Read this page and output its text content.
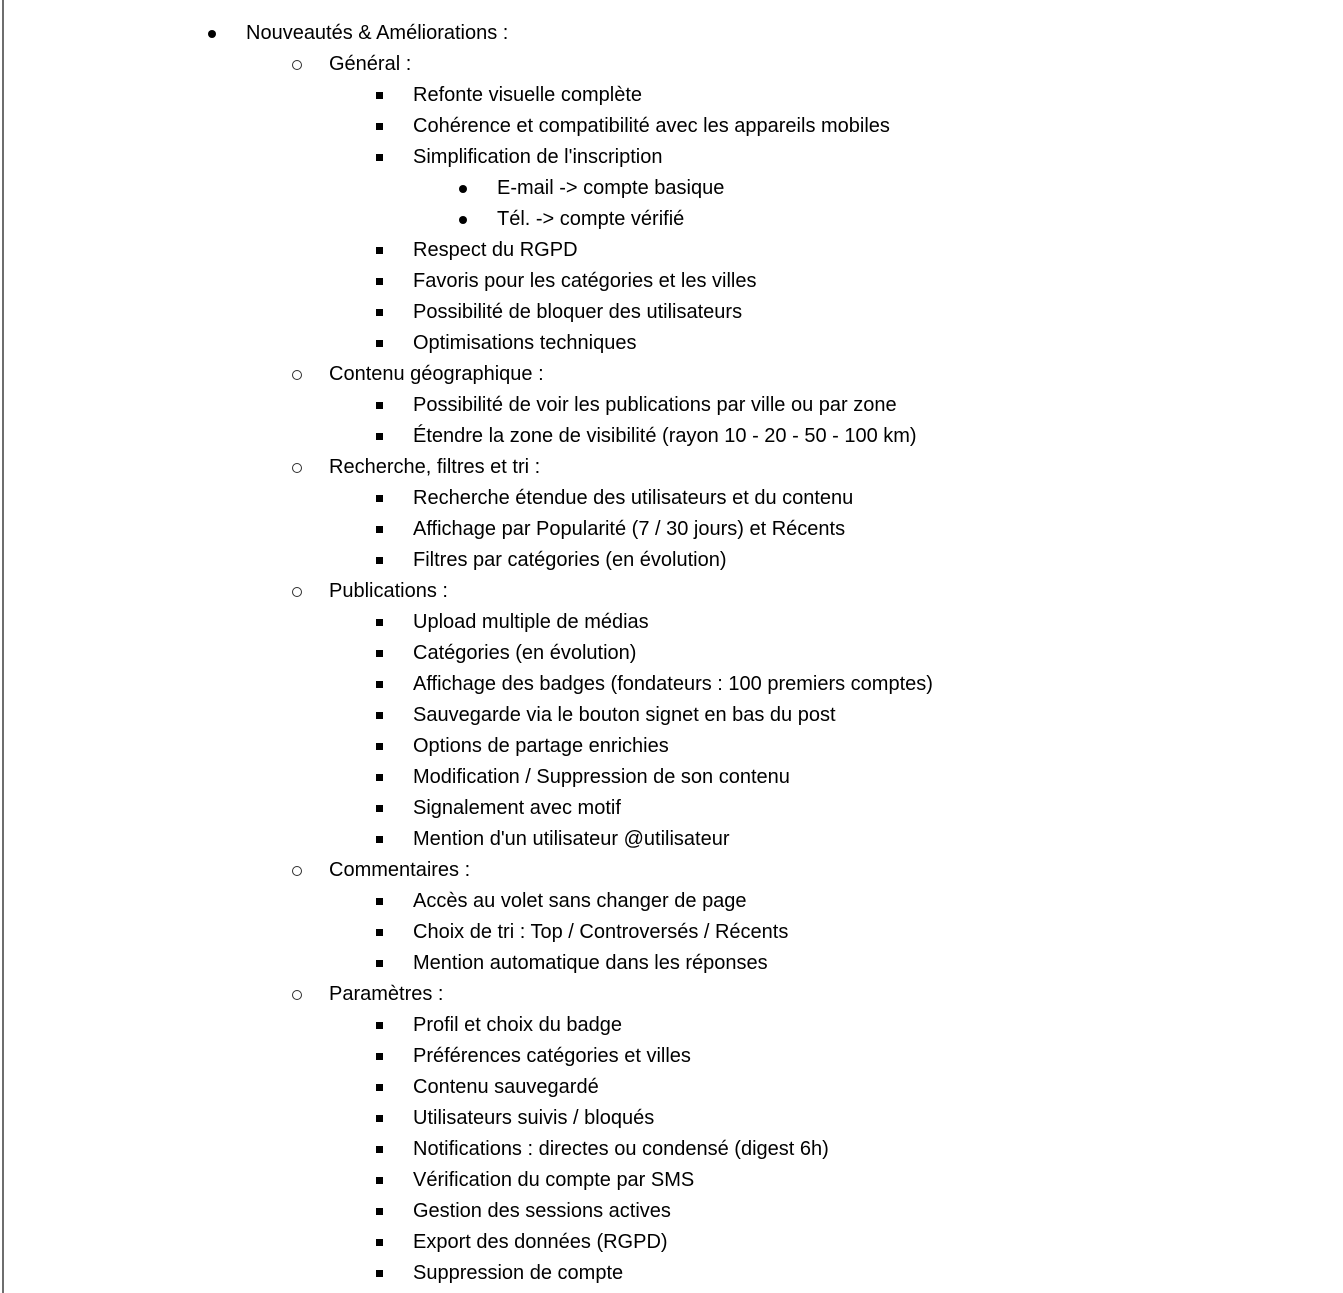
Nouveautés & Améliorations :
Général :
Refonte visuelle complète
Cohérence et compatibilité avec les appareils mobiles
Simplification de l'inscription
E-mail -> compte basique
Tél. -> compte vérifié
Respect du RGPD
Favoris pour les catégories et les villes
Possibilité de bloquer des utilisateurs
Optimisations techniques
Contenu géographique :
Possibilité de voir les publications par ville ou par zone
Étendre la zone de visibilité (rayon 10 - 20 - 50 - 100 km)
Recherche, filtres et tri :
Recherche étendue des utilisateurs et du contenu
Affichage par Popularité (7 / 30 jours) et Récents
Filtres par catégories (en évolution)
Publications :
Upload multiple de médias
Catégories (en évolution)
Affichage des badges (fondateurs : 100 premiers comptes)
Sauvegarde via le bouton signet en bas du post
Options de partage enrichies
Modification / Suppression de son contenu
Signalement avec motif
Mention d'un utilisateur @utilisateur
Commentaires :
Accès au volet sans changer de page
Choix de tri : Top / Controversés / Récents
Mention automatique dans les réponses
Paramètres :
Profil et choix du badge
Préférences catégories et villes
Contenu sauvegardé
Utilisateurs suivis / bloqués
Notifications : directes ou condensé (digest 6h)
Vérification du compte par SMS
Gestion des sessions actives
Export des données (RGPD)
Suppression de compte
